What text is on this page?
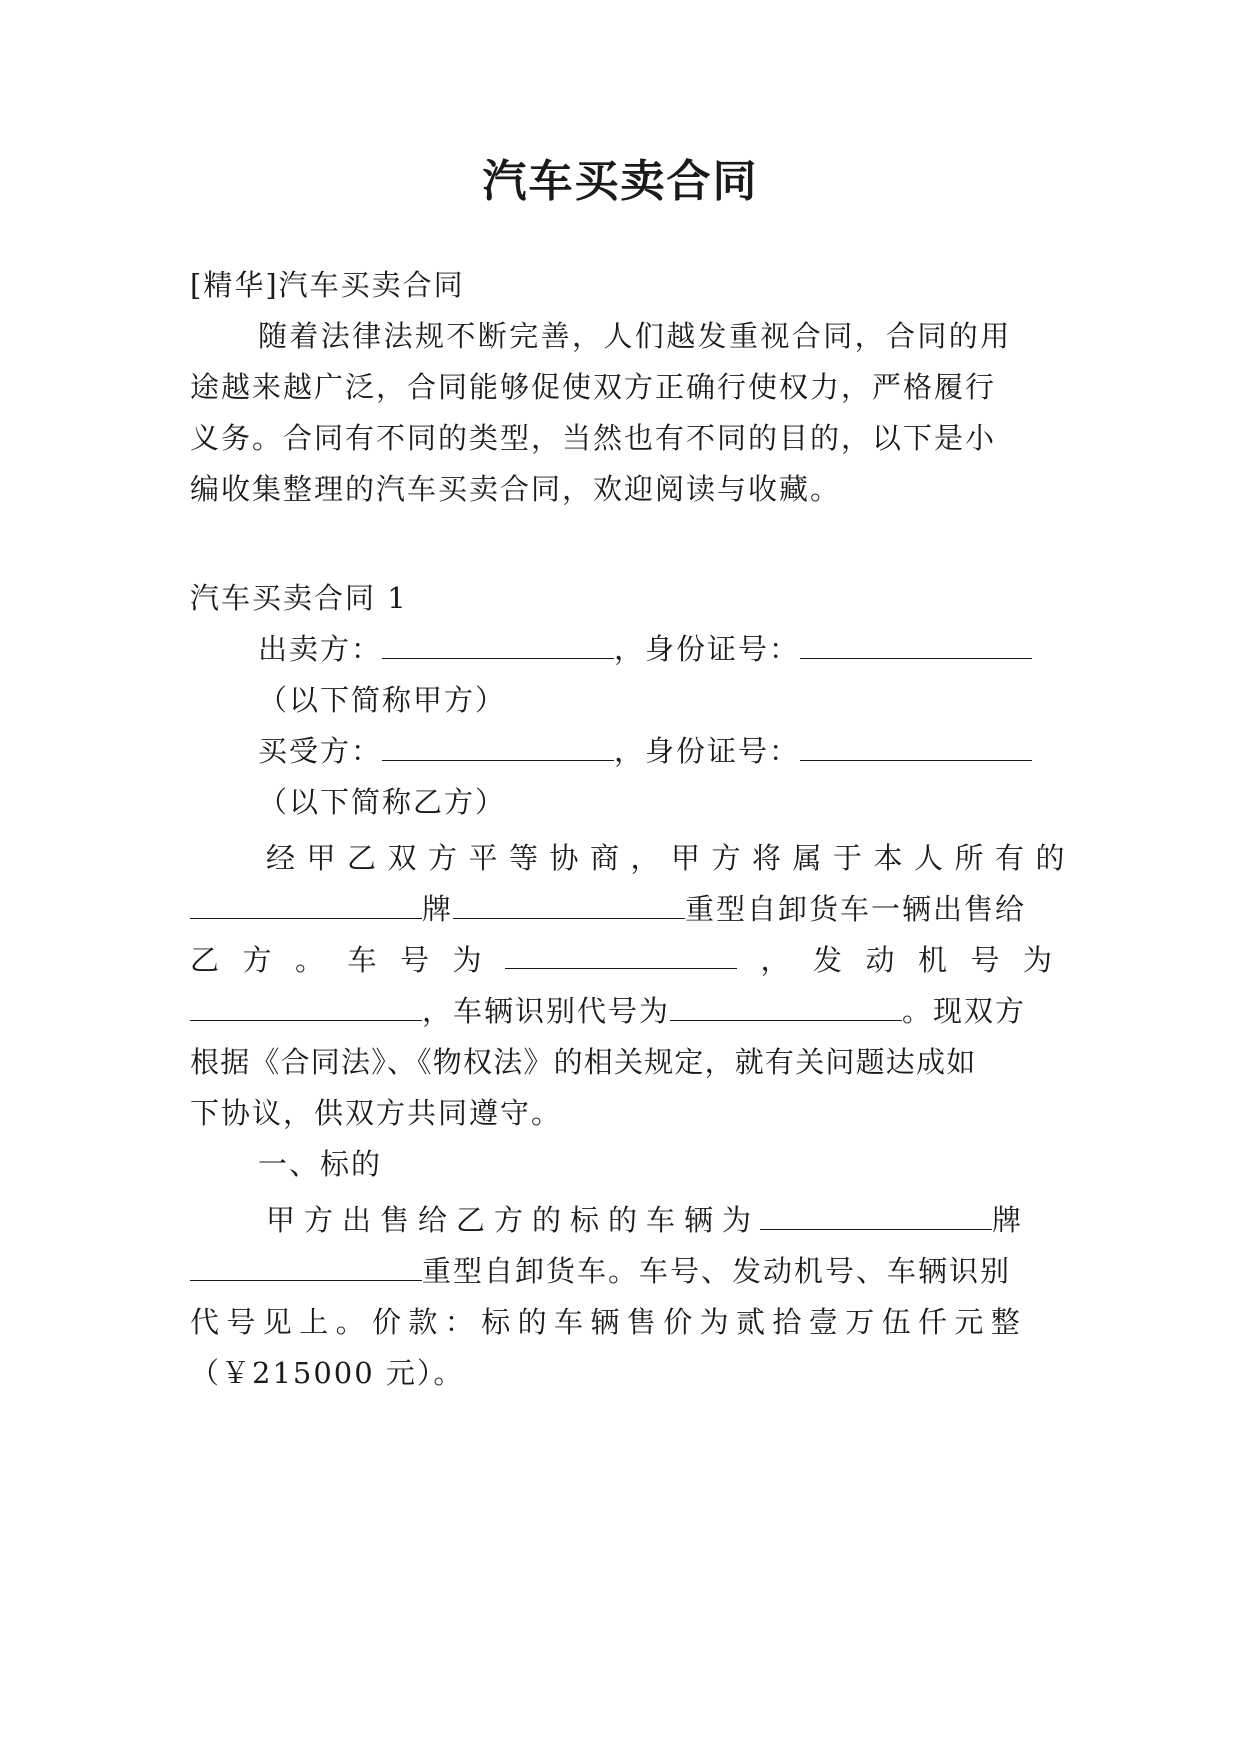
汽车买卖合同

[精华]汽车买卖合同

随着法律法规不断完善，人们越发重视合同，合同的用

途越来越广泛，合同能够促使双方正确行使权力，严格履行

义务。合同有不同的类型，当然也有不同的目的，以下是小

编收集整理的汽车买卖合同，欢迎阅读与收藏。

汽车买卖合同 1

出卖方：	，身份证号：

（以下简称甲方）

买受方：	，身份证号：

（以下简称乙方）

经甲乙双方平等协商，甲方将属于本人所有的

牌	重型自卸货车一辆出售给

乙 方 。 车 号 为	， 发 动 机 号 为

，车辆识别代号为	。现双方

根据《合同法》、《物权法》的相关规定，就有关问题达成如

下协议，供双方共同遵守。

一、标的

甲方出售给乙方的标的车辆为	牌

重型自卸货车。车号、发动机号、车辆识别

代号见上。价款：标的车辆售价为贰拾壹万伍仟元整

（￥215000 元）。
